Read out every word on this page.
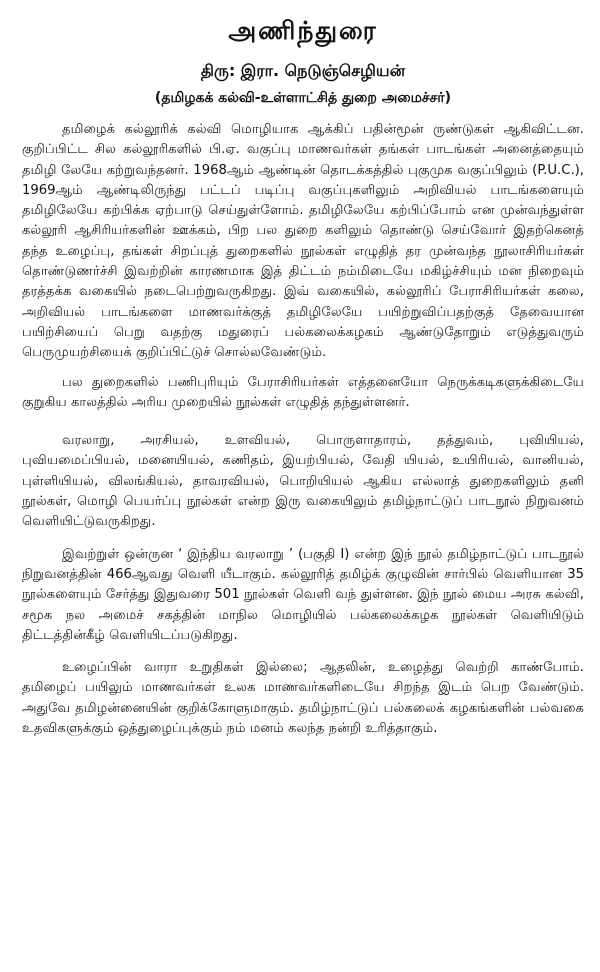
அணிந்துரை
திரு: இரா. நெடுஞ்செழியன்
(தமிழகக் கல்வி-உள்ளாட்சித் துறை அமைச்சர்)

தமிழைக் கல்லூரிக் கல்வி மொழியாக ஆக்கிப் பதின்மூன் ருண்டுகள் ஆகிவிட்டன. குறிப்பிட்ட சில கல்லூரிகளில் பி.ஏ. வகுப்பு மாணவர்கள் தங்கள் பாடங்கள் அனைத்தையும் தமிழி லேயே கற்றுவந்தனர். 1968ஆம் ஆண்டின் தொடக்கத்தில் புகுமுக வகுப்பிலும் (P.U.C.), 1969ஆம் ஆண்டிலிருந்து பட்டப் படிப்பு வகுப்புகளிலும் அறிவியல் பாடங்களையும் தமிழிலேயே கற்பிக்க ஏற்பாடு செய்துள்ளோம். தமிழிலேயே கற்பிப்போம் என முன்வந்துள்ள கல்லூரி ஆசிரியர்களின் ஊக்கம், பிற பல துறை களிலும் தொண்டு செய்வோர் இதற்கெனத் தந்த உழைப்பு, தங்கள் சிறப்புத் துறைகளில் நூல்கள் எழுதித் தர முன்வந்த நூலாசிரியர்கள் தொண்டுணர்ச்சி இவற்றின் காரணமாக இத் திட்டம் நம்மிடையே மகிழ்ச்சியும் மன நிறைவும் தரத்தக்க வகையில் நடைபெற்றுவருகிறது. இவ் வகையில், கல்லூரிப் பேராசிரியர்கள் கலை, அறிவியல் பாடங்களை மாணவர்க்குத் தமிழிலேயே பயிற்றுவிப்பதற்குத் தேவையான பயிற்சியைப் பெறு வதற்கு மதுரைப் பல்கலைக்கழகம் ஆண்டுதோறும் எடுத்துவரும் பெருமுயற்சியைக் குறிப்பிட்டுச் சொல்லவேண்டும்.

பல துறைகளில் பணிபுரியும் பேராசிரியர்கள் எத்தனையோ நெருக்கடிகளுக்கிடையே குறுகிய காலத்தில் அரிய முறையில் நூல்கள் எழுதித் தந்துள்ளனர்.

வரலாறு, அரசியல், உளவியல், பொருளாதாரம், தத்துவம், புவியியல், புவியமைப்பியல், மனையியல், கணிதம், இயற்பியல், வேதி யியல், உயிரியல், வானியல், புள்ளியியல், விலங்கியல், தாவரவியல், பொறியியல் ஆகிய எல்லாத் துறைகளிலும் தனி நூல்கள், மொழி பெயர்ப்பு நூல்கள் என்ற இரு வகையிலும் தமிழ்நாட்டுப் பாடநூல் நிறுவனம் வெளியிட்டுவருகிறது.

இவற்றுள் ஒன்ருன ‘ இந்திய வரலாறு ’ (பகுதி I) என்ற இந் நூல் தமிழ்நாட்டுப் பாடநூல் நிறுவனத்தின் 466ஆவது வெளி யீடாகும். கல்லூரித் தமிழ்க் குழுவின் சார்பில் வெளியான 35 நூல்களையும் சேர்த்து இதுவரை 501 நூல்கள் வெளி வந் துள்ளன. இந் நூல் மைய அரசு கல்வி, சமூக நல அமைச் சகத்தின் மாநில மொழியில் பல்கலைக்கழக நூல்கள் வெளியிடும் திட்டத்தின்கீழ் வெளியிடப்படுகிறது.

உழைப்பின் வாரா உறுதிகள் இல்லை; ஆதலின், உழைத்து வெற்றி காண்போம். தமிழைப் பயிலும் மாணவர்கள் உலக மாணவர்களிடையே சிறந்த இடம் பெற வேண்டும். அதுவே தமிழன்னையின் குறிக்கோளுமாகும். தமிழ்நாட்டுப் பல்கலைக் கழகங்களின் பல்வகை உதவிகளுக்கும் ஒத்துழைப்புக்கும் நம் மனம் கலந்த நன்றி உரித்தாகும்.
